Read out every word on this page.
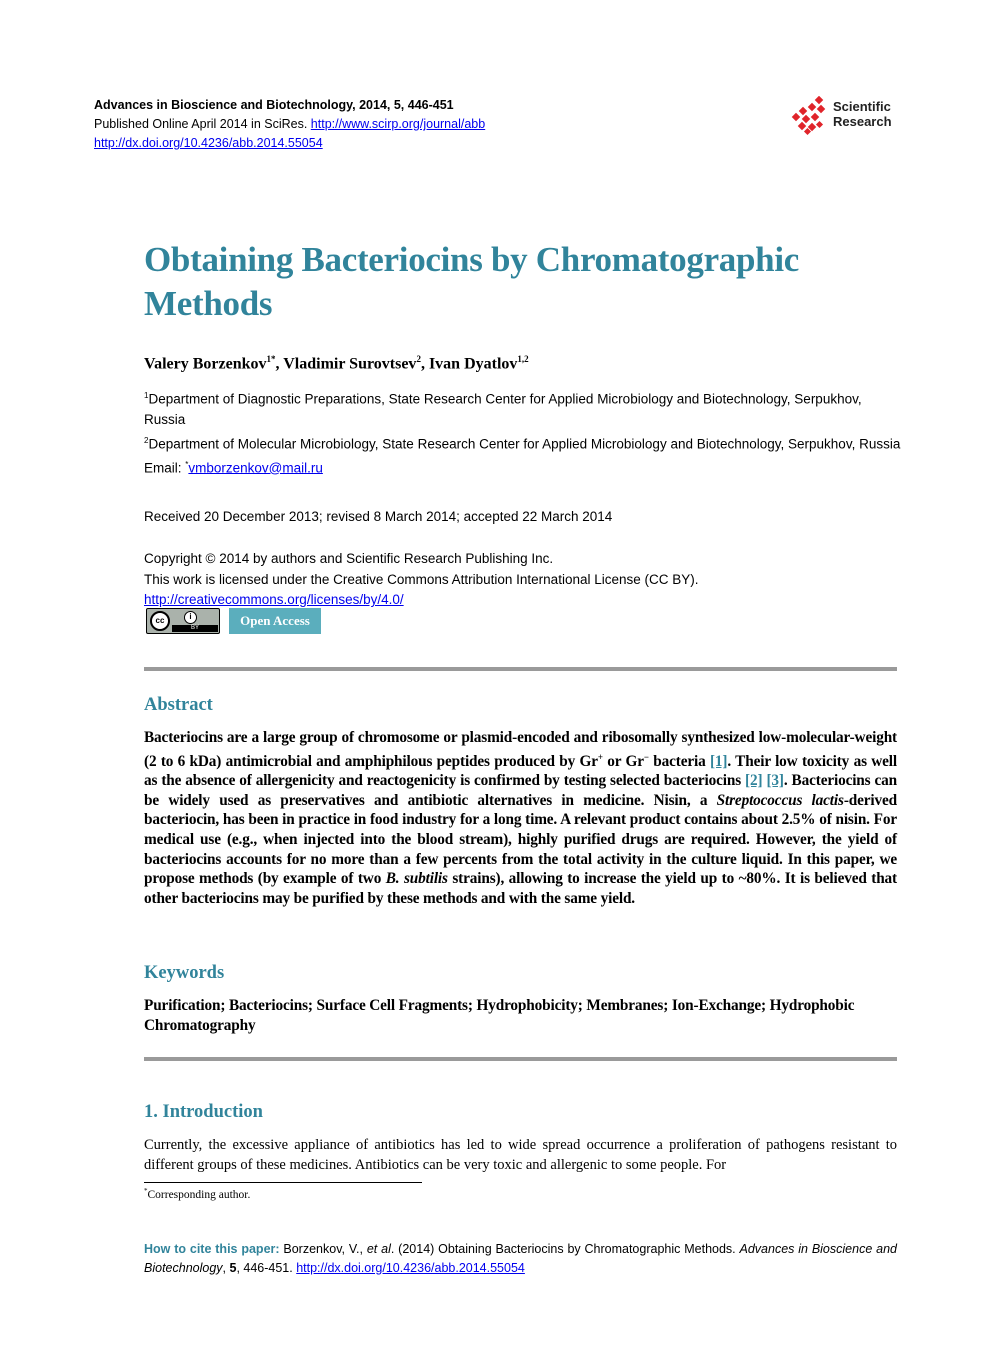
Advances in Bioscience and Biotechnology, 2014, 5, 446-451
Published Online April 2014 in SciRes. http://www.scirp.org/journal/abb
http://dx.doi.org/10.4236/abb.2014.55054
Scientific
Research
Obtaining Bacteriocins by Chromatographic Methods
Valery Borzenkov$^{1*}$, Vladimir Surovtsev$^2$, Ivan Dyatlov$^{1,2}$
$^1$Department of Diagnostic Preparations, State Research Center for Applied Microbiology and Biotechnology, Serpukhov, Russia
$^2$Department of Molecular Microbiology, State Research Center for Applied Microbiology and Biotechnology, Serpukhov, Russia
Email: *vmborzenkov@mail.ru
Received 20 December 2013; revised 8 March 2014; accepted 22 March 2014
Copyright © 2014 by authors and Scientific Research Publishing Inc.
This work is licensed under the Creative Commons Attribution International License (CC BY).
http://creativecommons.org/licenses/by/4.0/
cc	i
BY	Open Access
Abstract
Bacteriocins are a large group of chromosome or plasmid-encoded and ribosomally synthesized low-molecular-weight (2 to 6 kDa) antimicrobial and amphiphilous peptides produced by Gr+ or Gr− bacteria [1]. Their low toxicity as well as the absence of allergenicity and reactogenicity is confirmed by testing selected bacteriocins [2] [3]. Bacteriocins can be widely used as preservatives and antibiotic alternatives in medicine. Nisin, a Streptococcus lactis-derived bacteriocin, has been in practice in food industry for a long time. A relevant product contains about 2.5% of nisin. For medical use (e.g., when injected into the blood stream), highly purified drugs are required. However, the yield of bacteriocins accounts for no more than a few percents from the total activity in the culture liquid. In this paper, we propose methods (by example of two B. subtilis strains), allowing to increase the yield up to ~80%. It is believed that other bacteriocins may be purified by these methods and with the same yield.
Keywords
Purification; Bacteriocins; Surface Cell Fragments; Hydrophobicity; Membranes; Ion-Exchange; Hydrophobic Chromatography
1. Introduction
Currently, the excessive appliance of antibiotics has led to wide spread occurrence a proliferation of pathogens resistant to different groups of these medicines. Antibiotics can be very toxic and allergenic to some people. For
*Corresponding author.
How to cite this paper: Borzenkov, V., et al. (2014) Obtaining Bacteriocins by Chromatographic Methods. Advances in Bioscience and Biotechnology, 5, 446-451. http://dx.doi.org/10.4236/abb.2014.55054
